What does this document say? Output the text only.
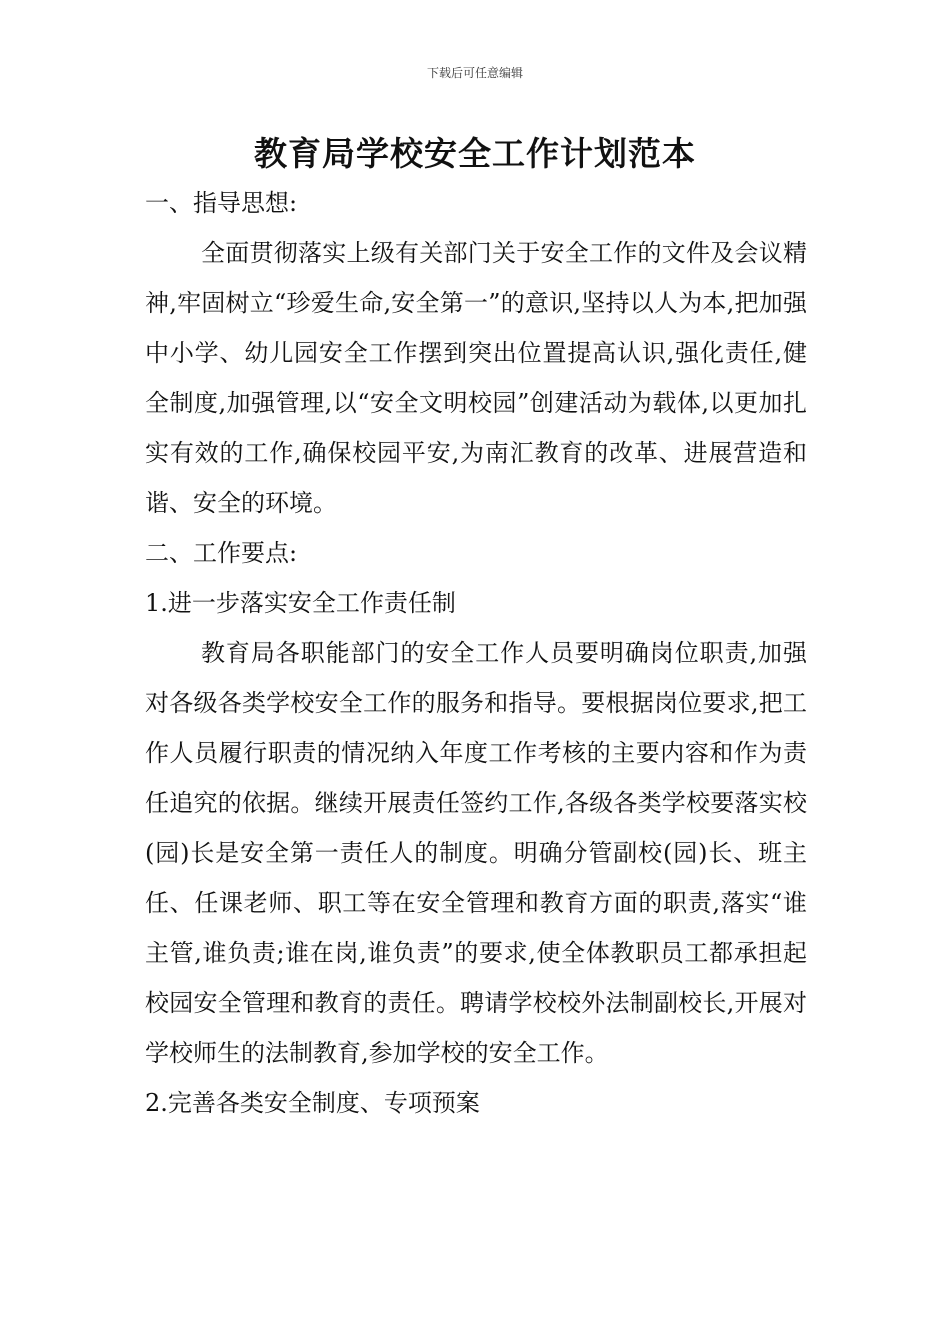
下载后可任意编辑
教育局学校安全工作计划范本

一、指导思想:

全面贯彻落实上级有关部门关于安全工作的文件及会议精神,牢固树立“珍爱生命,安全第一”的意识,坚持以人为本,把加强中小学、幼儿园安全工作摆到突出位置提高认识,强化责任,健全制度,加强管理,以“安全文明校园”创建活动为载体,以更加扎实有效的工作,确保校园平安,为南汇教育的改革、进展营造和谐、安全的环境。

二、工作要点:

1.进一步落实安全工作责任制

教育局各职能部门的安全工作人员要明确岗位职责,加强对各级各类学校安全工作的服务和指导。要根据岗位要求,把工作人员履行职责的情况纳入年度工作考核的主要内容和作为责任追究的依据。继续开展责任签约工作,各级各类学校要落实校(园)长是安全第一责任人的制度。明确分管副校(园)长、班主任、任课老师、职工等在安全管理和教育方面的职责,落实“谁主管,谁负责;谁在岗,谁负责”的要求,使全体教职员工都承担起校园安全管理和教育的责任。聘请学校校外法制副校长,开展对学校师生的法制教育,参加学校的安全工作。

2.完善各类安全制度、专项预案
